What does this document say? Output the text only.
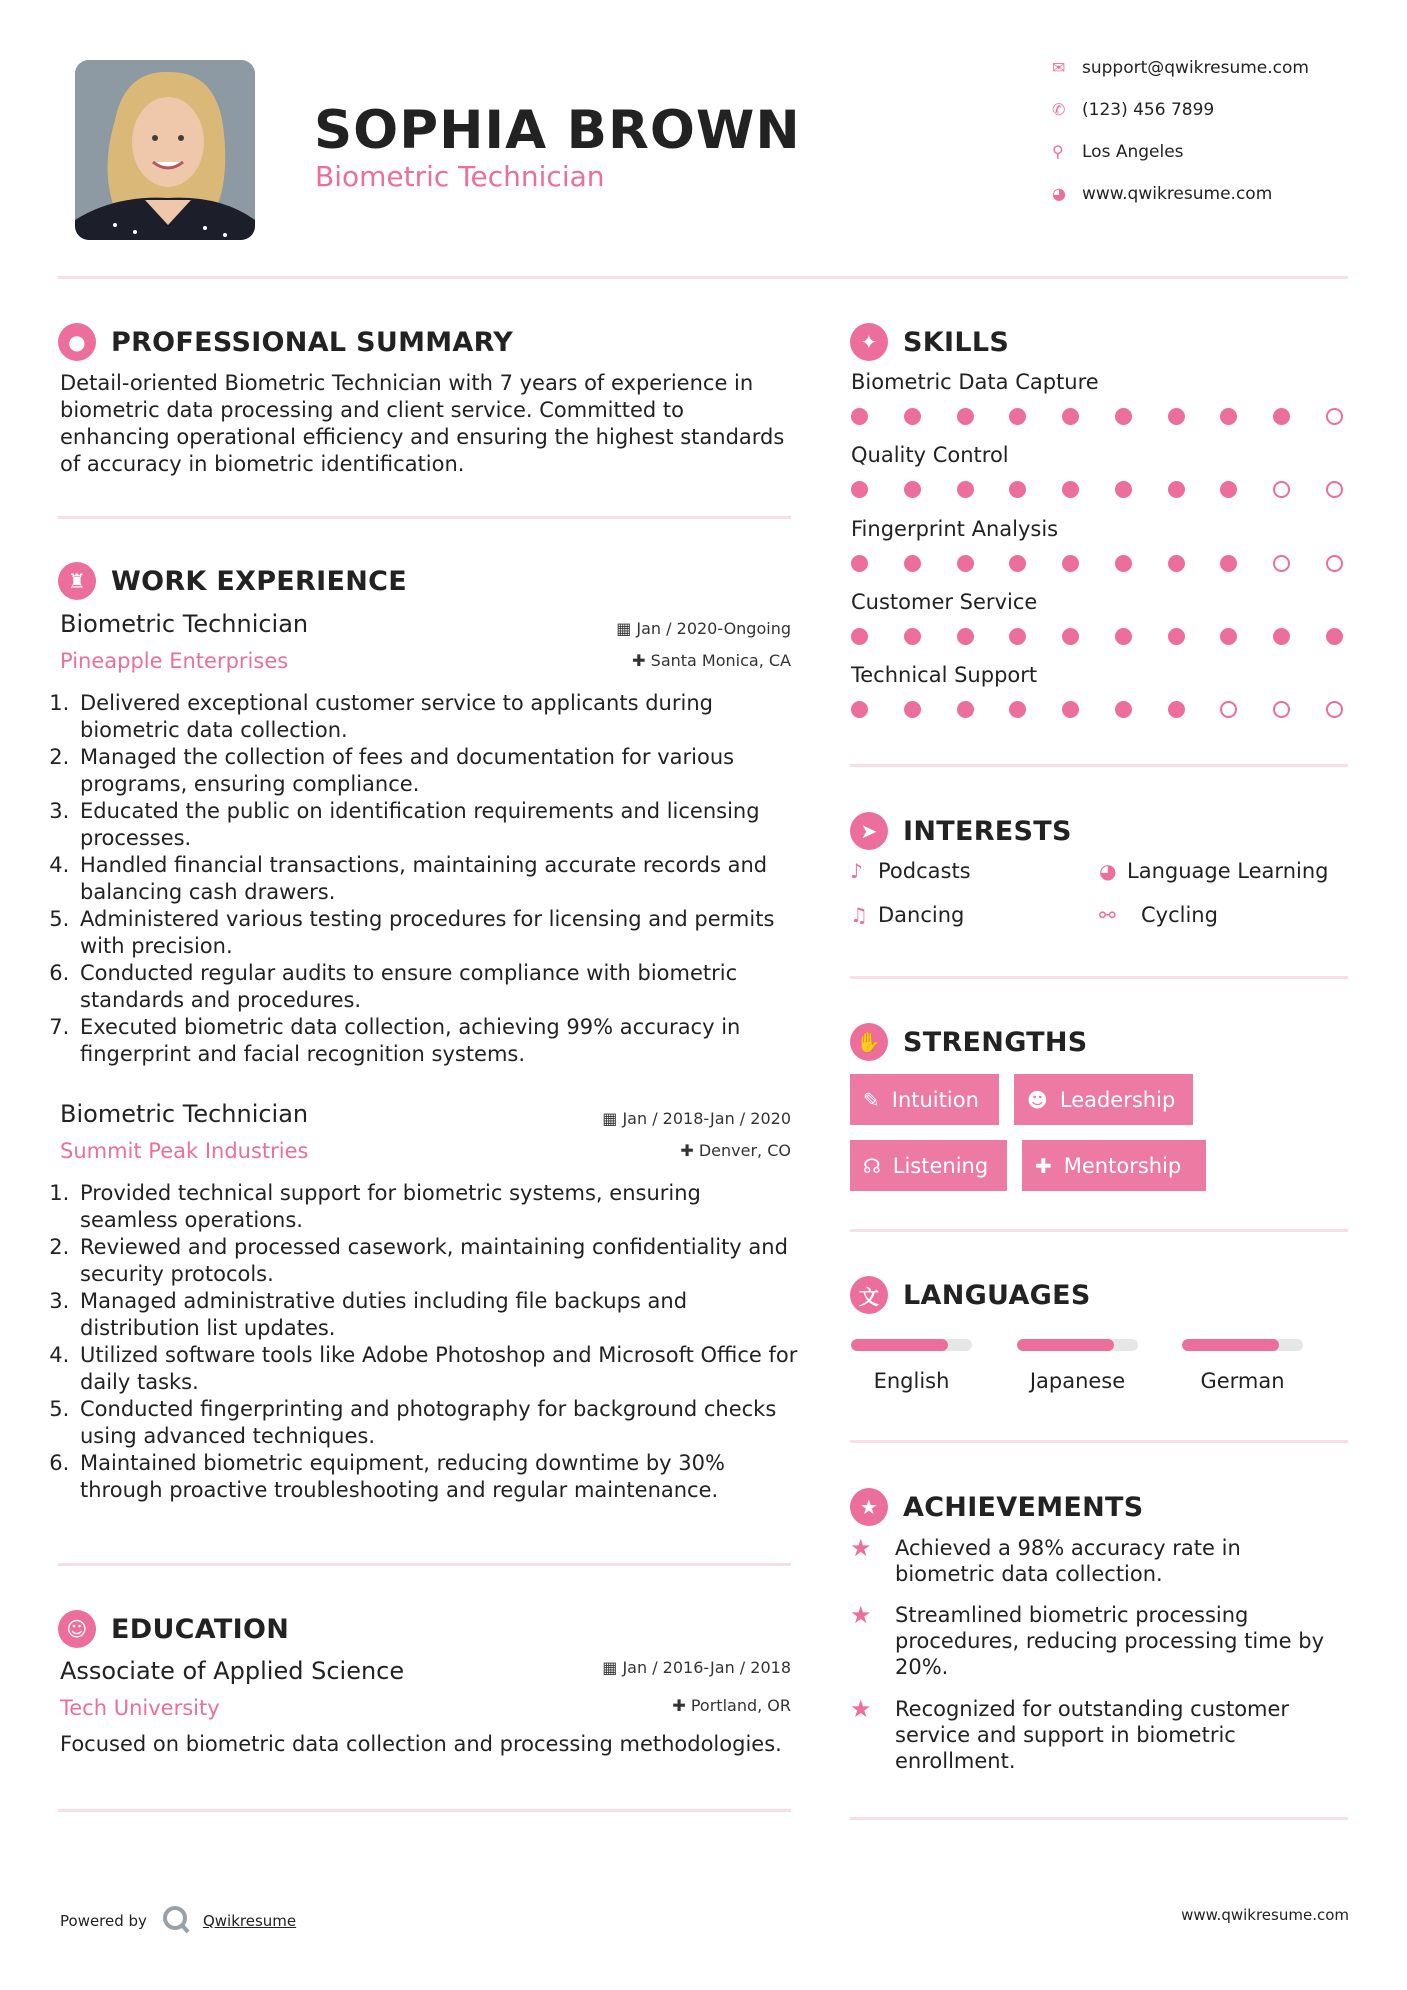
SOPHIA BROWN
Biometric Technician
✉ support@qwikresume.com
✆ (123) 456 7899
⚲ Los Angeles
◕ www.qwikresume.com
● PROFESSIONAL SUMMARY
Detail-oriented Biometric Technician with 7 years of experience in biometric data processing and client service. Committed to enhancing operational efficiency and ensuring the highest standards of accuracy in biometric identification.
♜ WORK EXPERIENCE
Biometric Technician	▦ Jan / 2020-Ongoing
Pineapple Enterprises	✚ Santa Monica, CA
1. Delivered exceptional customer service to applicants during biometric data collection.
2. Managed the collection of fees and documentation for various programs, ensuring compliance.
3. Educated the public on identification requirements and licensing processes.
4. Handled financial transactions, maintaining accurate records and balancing cash drawers.
5. Administered various testing procedures for licensing and permits with precision.
6. Conducted regular audits to ensure compliance with biometric standards and procedures.
7. Executed biometric data collection, achieving 99% accuracy in fingerprint and facial recognition systems.
Biometric Technician	▦ Jan / 2018-Jan / 2020
Summit Peak Industries	✚ Denver, CO
1. Provided technical support for biometric systems, ensuring seamless operations.
2. Reviewed and processed casework, maintaining confidentiality and security protocols.
3. Managed administrative duties including file backups and distribution list updates.
4. Utilized software tools like Adobe Photoshop and Microsoft Office for daily tasks.
5. Conducted fingerprinting and photography for background checks using advanced techniques.
6. Maintained biometric equipment, reducing downtime by 30% through proactive troubleshooting and regular maintenance.
☺ EDUCATION
Associate of Applied Science	▦ Jan / 2016-Jan / 2018
Tech University	✚ Portland, OR
Focused on biometric data collection and processing methodologies.
✦ SKILLS
Biometric Data Capture
Quality Control
Fingerprint Analysis
Customer Service
Technical Support
➤ INTERESTS
♪ Podcasts	◕ Language Learning
♫ Dancing	⚯	Cycling
✋ STRENGTHS
✎ Intuition ☻ Leadership
☊ Listening ✚ Mentorship
文 LANGUAGES
English	Japanese	German
★ ACHIEVEMENTS
★	Achieved a 98% accuracy rate in biometric data collection.
★	Streamlined biometric processing procedures, reducing processing time by 20%.
★	Recognized for outstanding customer service and support in biometric enrollment.
Powered by	Qwikresume	www.qwikresume.com
